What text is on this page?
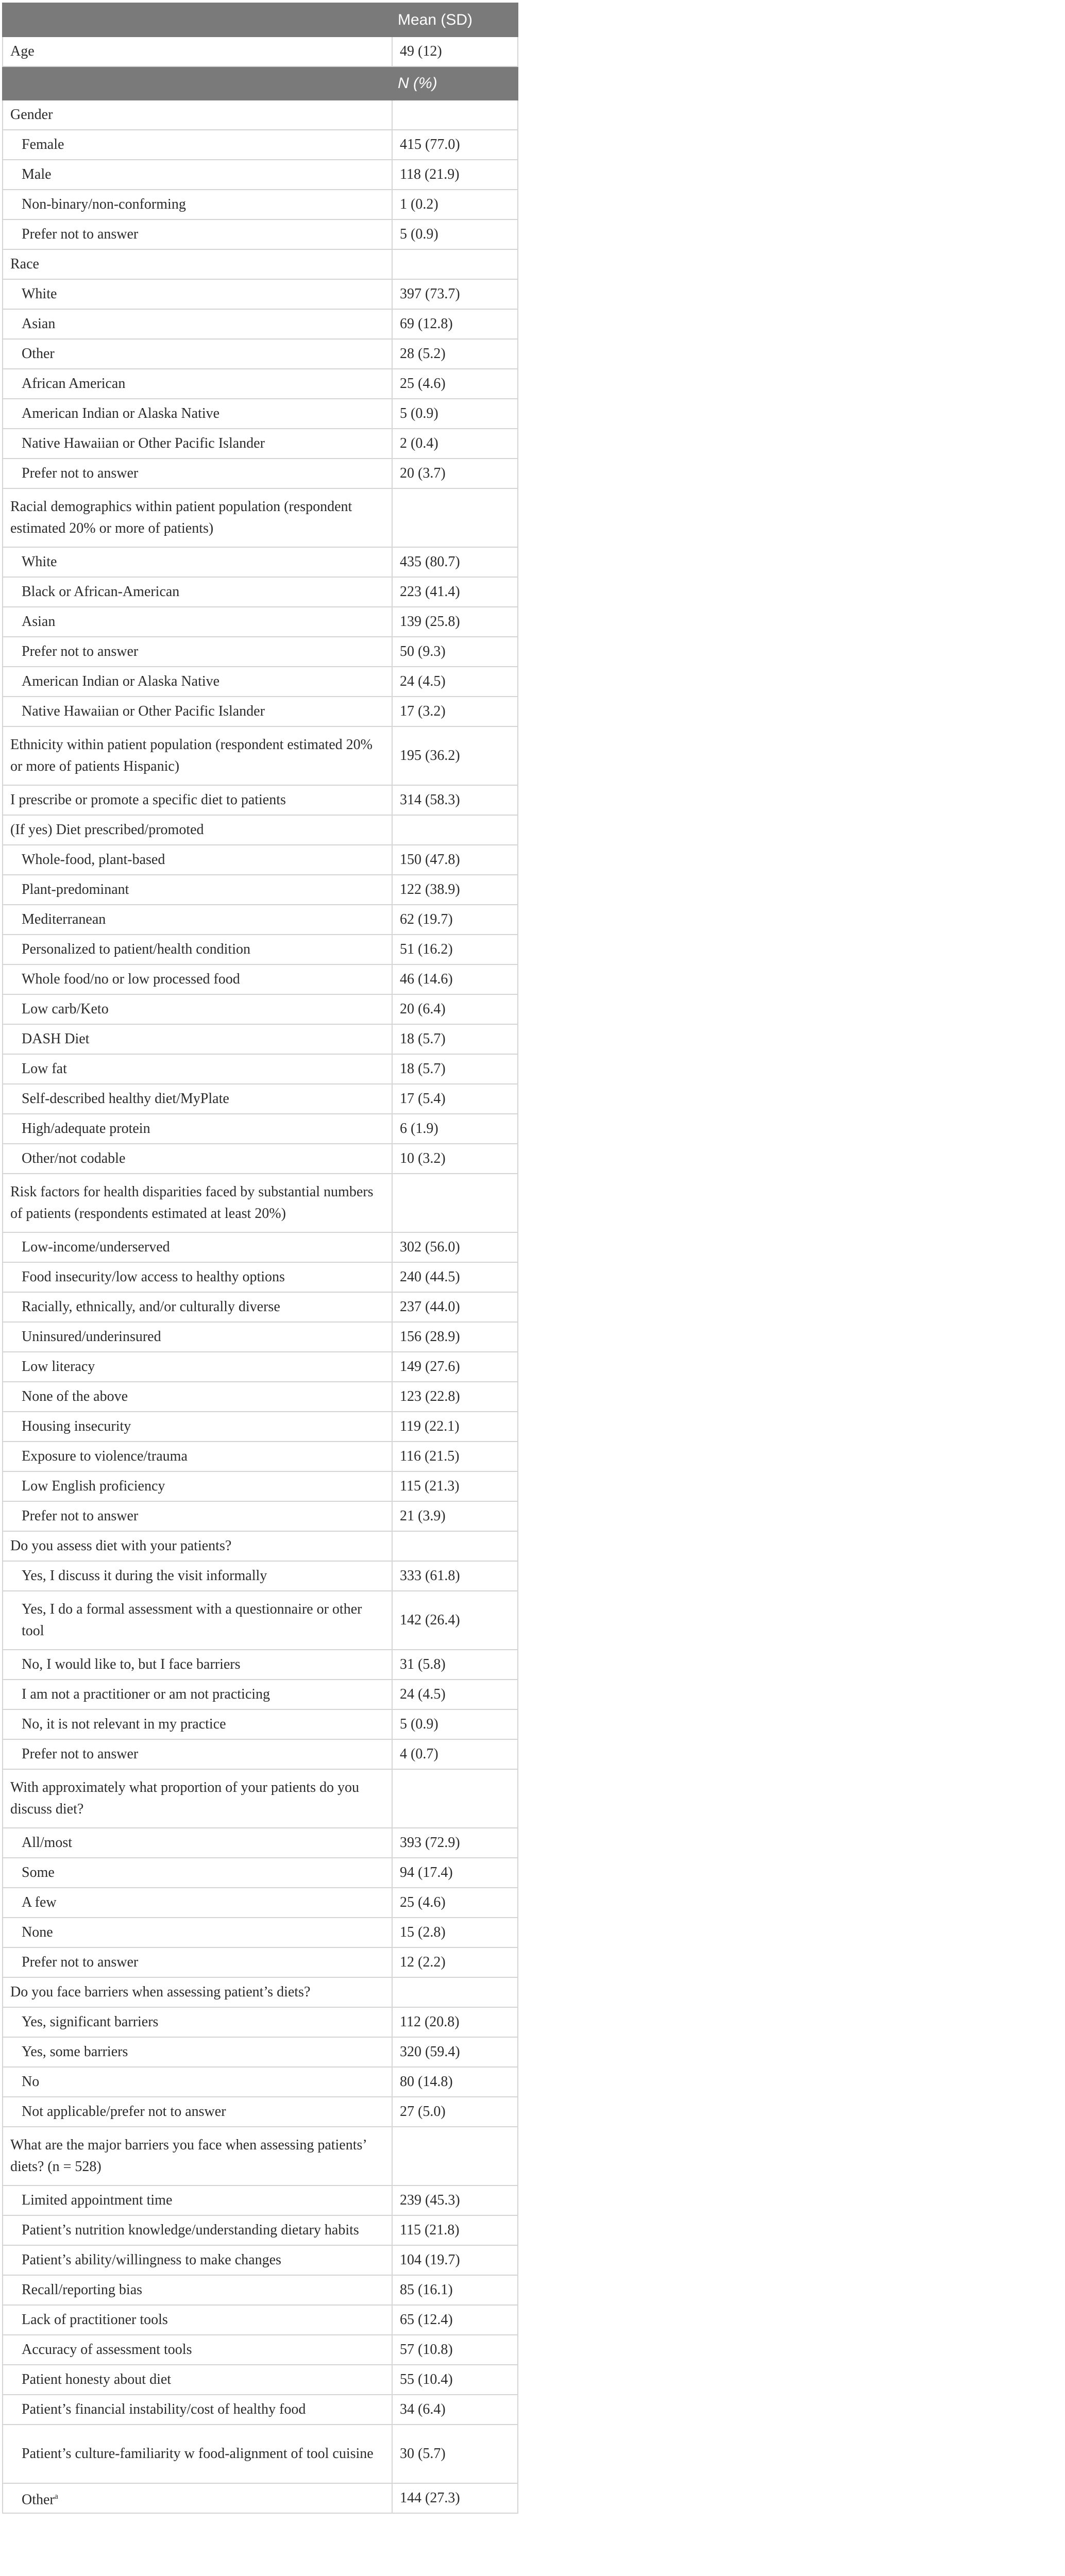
	Mean (SD)
Age	49 (12)
	N (%)
Gender	
Female	415 (77.0)
Male	118 (21.9)
Non-binary/non-conforming	1 (0.2)
Prefer not to answer	5 (0.9)
Race	
White	397 (73.7)
Asian	69 (12.8)
Other	28 (5.2)
African American	25 (4.6)
American Indian or Alaska Native	5 (0.9)
Native Hawaiian or Other Pacific Islander	2 (0.4)
Prefer not to answer	20 (3.7)
Racial demographics within patient population (respondent estimated 20% or more of patients)	
White	435 (80.7)
Black or African-American	223 (41.4)
Asian	139 (25.8)
Prefer not to answer	50 (9.3)
American Indian or Alaska Native	24 (4.5)
Native Hawaiian or Other Pacific Islander	17 (3.2)
Ethnicity within patient population (respondent estimated 20% or more of patients Hispanic)	195 (36.2)
I prescribe or promote a specific diet to patients	314 (58.3)
(If yes) Diet prescribed/promoted	
Whole-food, plant-based	150 (47.8)
Plant-predominant	122 (38.9)
Mediterranean	62 (19.7)
Personalized to patient/health condition	51 (16.2)
Whole food/no or low processed food	46 (14.6)
Low carb/Keto	20 (6.4)
DASH Diet	18 (5.7)
Low fat	18 (5.7)
Self-described healthy diet/MyPlate	17 (5.4)
High/adequate protein	6 (1.9)
Other/not codable	10 (3.2)
Risk factors for health disparities faced by substantial numbers of patients (respondents estimated at least 20%)	
Low-income/underserved	302 (56.0)
Food insecurity/low access to healthy options	240 (44.5)
Racially, ethnically, and/or culturally diverse	237 (44.0)
Uninsured/underinsured	156 (28.9)
Low literacy	149 (27.6)
None of the above	123 (22.8)
Housing insecurity	119 (22.1)
Exposure to violence/trauma	116 (21.5)
Low English proficiency	115 (21.3)
Prefer not to answer	21 (3.9)
Do you assess diet with your patients?	
Yes, I discuss it during the visit informally	333 (61.8)
Yes, I do a formal assessment with a questionnaire or other tool	142 (26.4)
No, I would like to, but I face barriers	31 (5.8)
I am not a practitioner or am not practicing	24 (4.5)
No, it is not relevant in my practice	5 (0.9)
Prefer not to answer	4 (0.7)
With approximately what proportion of your patients do you discuss diet?	
All/most	393 (72.9)
Some	94 (17.4)
A few	25 (4.6)
None	15 (2.8)
Prefer not to answer	12 (2.2)
Do you face barriers when assessing patient’s diets?	
Yes, significant barriers	112 (20.8)
Yes, some barriers	320 (59.4)
No	80 (14.8)
Not applicable/prefer not to answer	27 (5.0)
What are the major barriers you face when assessing patients’ diets? (n = 528)	
Limited appointment time	239 (45.3)
Patient’s nutrition knowledge/understanding dietary habits	115 (21.8)
Patient’s ability/willingness to make changes	104 (19.7)
Recall/reporting bias	85 (16.1)
Lack of practitioner tools	65 (12.4)
Accuracy of assessment tools	57 (10.8)
Patient honesty about diet	55 (10.4)
Patient’s financial instability/cost of healthy food	34 (6.4)
Patient’s culture-familiarity w food-alignment of tool cuisine	30 (5.7)
Other$^a$	144 (27.3)
